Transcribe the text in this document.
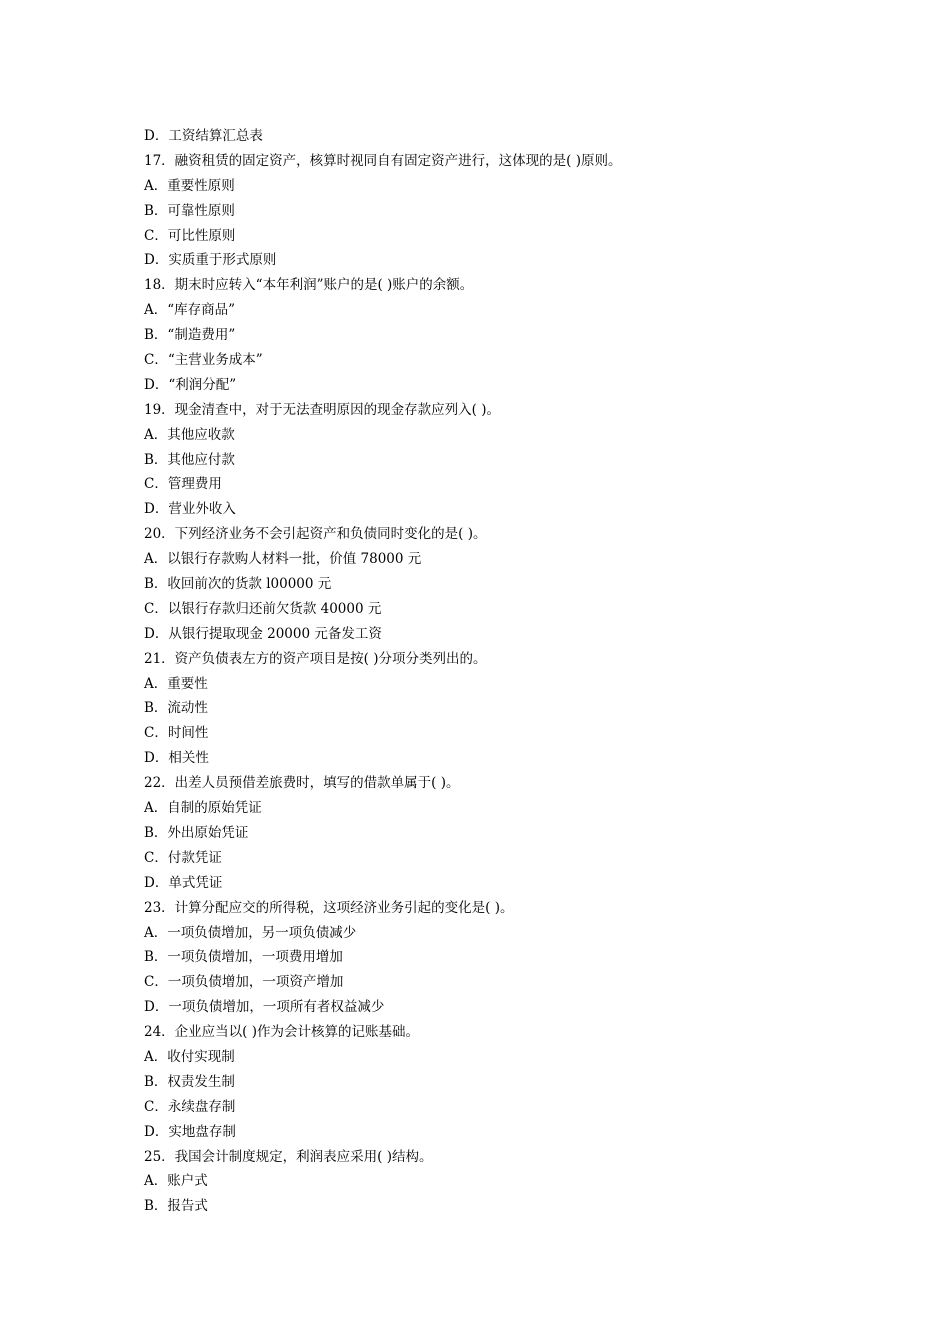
D．工资结算汇总表
17．融资租赁的固定资产，核算时视同自有固定资产进行，这体现的是( )原则。
A．重要性原则
B．可靠性原则
C．可比性原则
D．实质重于形式原则
18．期末时应转入“本年利润”账户的是( )账户的余额。
A．“库存商品”
B．“制造费用”
C．“主营业务成本”
D．“利润分配”
19．现金清查中，对于无法查明原因的现金存款应列入( )。
A．其他应收款
B．其他应付款
C．管理费用
D．营业外收入
20．下列经济业务不会引起资产和负债同时变化的是( )。
A．以银行存款购人材料一批，价值 78000 元
B．收回前次的货款 l00000 元
C．以银行存款归还前欠货款 40000 元
D．从银行提取现金 20000 元备发工资
21．资产负债表左方的资产项目是按( )分项分类列出的。
A．重要性
B．流动性
C．时间性
D．相关性
22．出差人员预借差旅费时，填写的借款单属于( )。
A．自制的原始凭证
B．外出原始凭证
C．付款凭证
D．单式凭证
23．计算分配应交的所得税，这项经济业务引起的变化是( )。
A．一项负债增加，另一项负债减少
B．一项负债增加，一项费用增加
C．一项负债增加，一项资产增加
D．一项负债增加，一项所有者权益减少
24．企业应当以( )作为会计核算的记账基础。
A．收付实现制
B．权责发生制
C．永续盘存制
D．实地盘存制
25．我国会计制度规定，利润表应采用( )结构。
A．账户式
B．报告式
